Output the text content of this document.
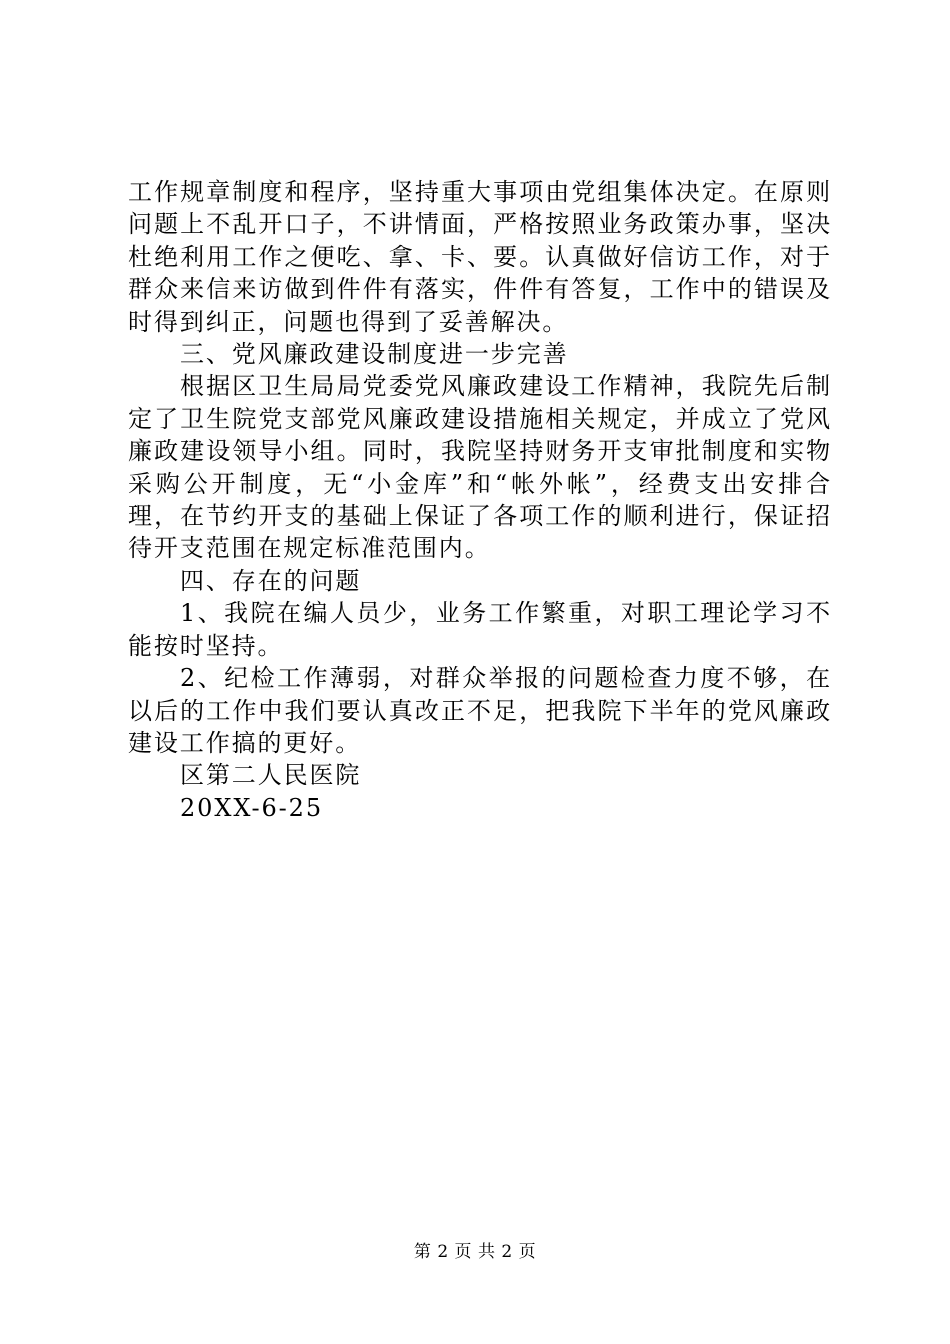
工作规章制度和程序，坚持重大事项由党组集体决定。在原则问题上不乱开口子，不讲情面，严格按照业务政策办事，坚决杜绝利用工作之便吃、拿、卡、要。认真做好信访工作，对于群众来信来访做到件件有落实，件件有答复，工作中的错误及时得到纠正，问题也得到了妥善解决。

三、党风廉政建设制度进一步完善

根据区卫生局局党委党风廉政建设工作精神，我院先后制定了卫生院党支部党风廉政建设措施相关规定，并成立了党风廉政建设领导小组。同时，我院坚持财务开支审批制度和实物采购公开制度，无“小金库”和“帐外帐”，经费支出安排合理，在节约开支的基础上保证了各项工作的顺利进行，保证招待开支范围在规定标准范围内。

四、存在的问题

1、我院在编人员少，业务工作繁重，对职工理论学习不能按时坚持。

2、纪检工作薄弱，对群众举报的问题检查力度不够，在以后的工作中我们要认真改正不足，把我院下半年的党风廉政建设工作搞的更好。

区第二人民医院

20XX-6-25

第 2 页 共 2 页
